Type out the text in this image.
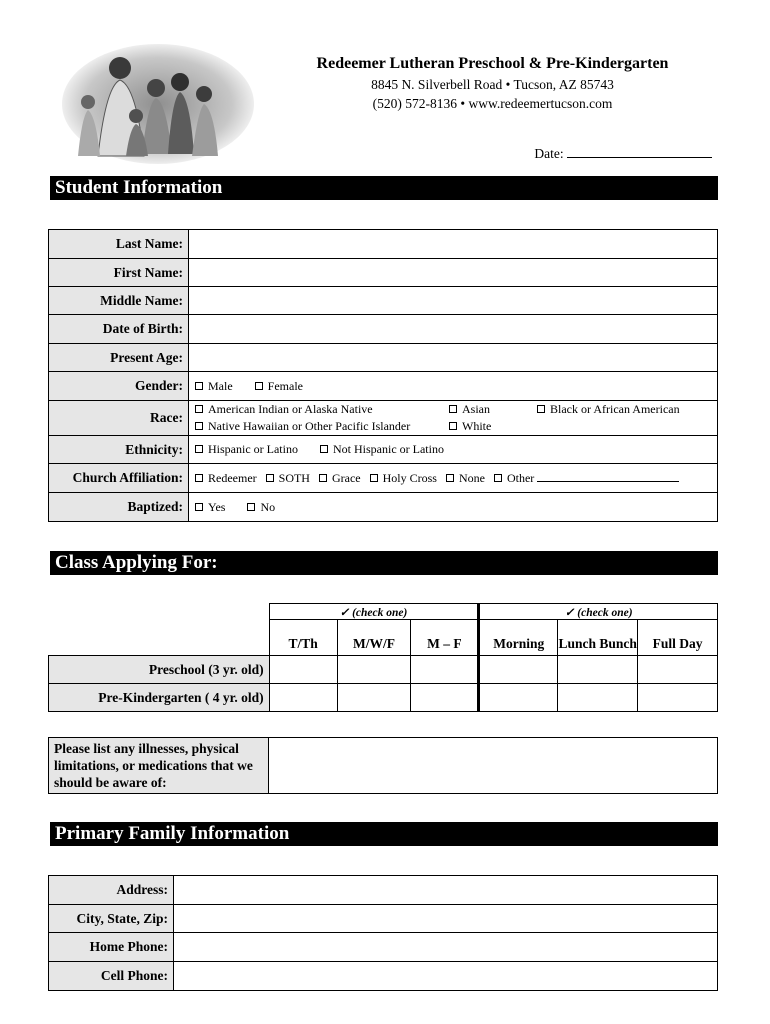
Redeemer Lutheran Preschool & Pre-Kindergarten
8845 N. Silverbell Road • Tucson, AZ 85743
(520) 572-8136 • www.redeemertucson.com
Date:
Student Information
Last Name:	
First Name:	
Middle Name:	
Date of Birth:	
Present Age:	
Gender:	Male Female
Race:	American Indian or Alaska Native Asian Black or African American
Native Hawaiian or Other Pacific Islander White

Ethnicity:	Hispanic or Latino Not Hispanic or Latino
Church Affiliation:	Redeemer SOTH Grace Holy Cross None Other
Baptized:	Yes No
Class Applying For:
	✓ (check one)			✓ (check one)		
	T/Th	M/W/F	M – F	Morning	Lunch Bunch	Full Day
Preschool (3 yr. old)						
Pre-Kindergarten ( 4 yr. old)						
Please list any illnesses, physical limitations, or medications that we should be aware of:	
Primary Family Information
Address:	
City, State, Zip:	
Home Phone:	
Cell Phone:	
